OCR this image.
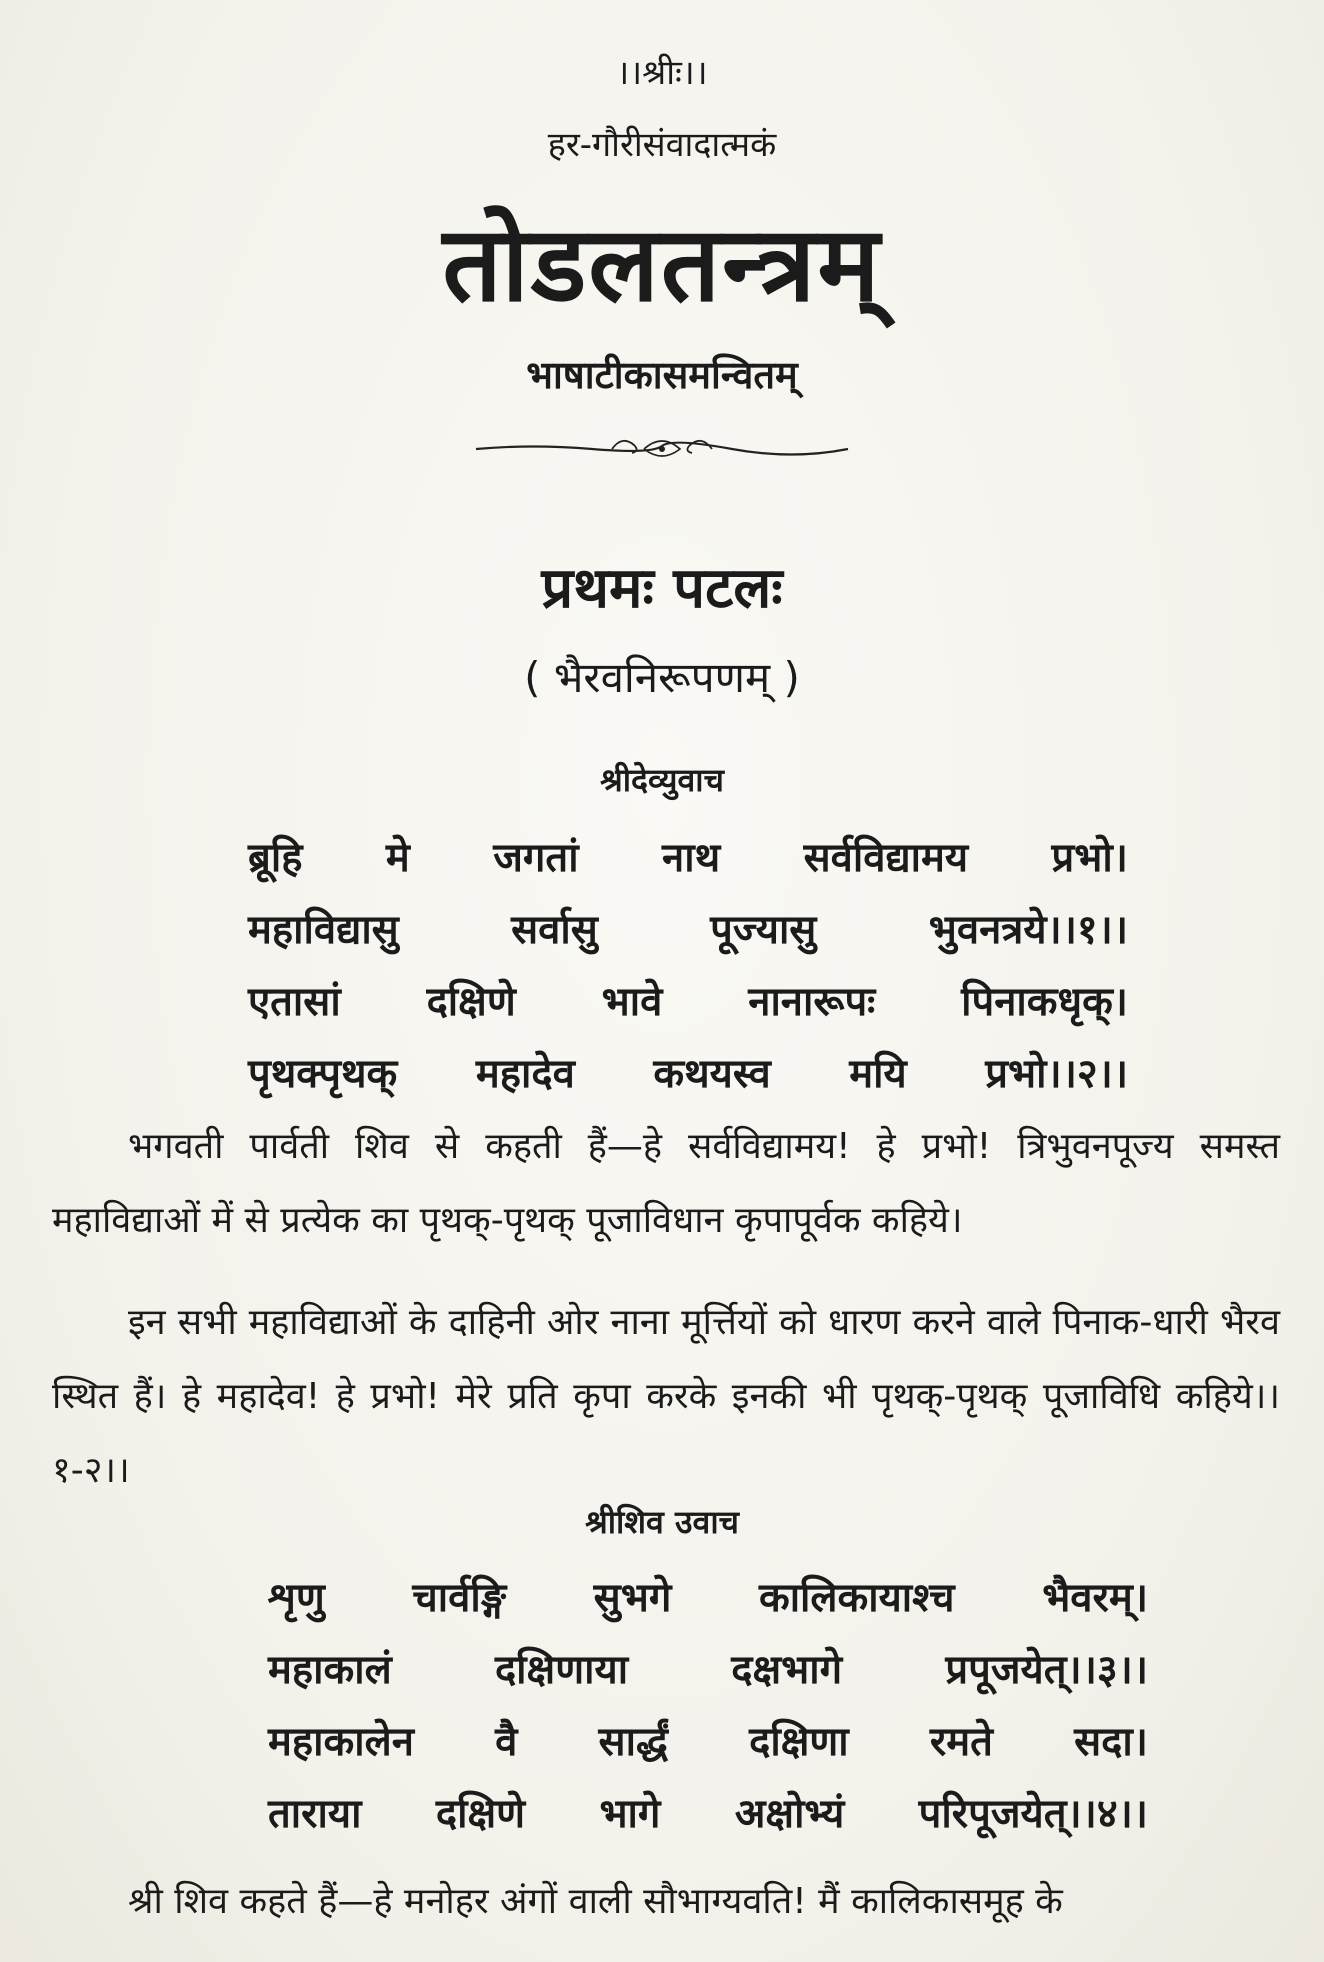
।।श्रीः।।
हर-गौरीसंवादात्मकं
तोडलतन्त्रम्
भाषाटीकासमन्वितम्
प्रथमः पटलः
( भैरवनिरूपणम् )
श्रीदेव्युवाच
ब्रूहि मे जगतां नाथ सर्वविद्यामय प्रभो।
महाविद्यासु	सर्वासु	पूज्यासु	भुवनत्रये।।१।।
एतासां दक्षिणे भावे नानारूपः पिनाकधृक्।
पृथक्पृथक् महादेव कथयस्व मयि प्रभो।।२।।

भगवती पार्वती शिव से कहती हैं—हे सर्वविद्यामय! हे प्रभो! त्रिभुवनपूज्य समस्त महाविद्याओं में से प्रत्येक का पृथक्-पृथक् पूजाविधान कृपापूर्वक कहिये।

इन सभी महाविद्याओं के दाहिनी ओर नाना मूर्त्तियों को धारण करने वाले पिनाक-धारी भैरव स्थित हैं। हे महादेव! हे प्रभो! मेरे प्रति कृपा करके इनकी भी पृथक्-पृथक् पूजाविधि कहिये।।१-२।।

श्रीशिव उवाच
शृणु चार्वङ्गि सुभगे कालिकायाश्च भैवरम्।
महाकालं	दक्षिणाया	दक्षभागे	प्रपूजयेत्।।३।।
महाकालेन वै सार्द्धं दक्षिणा रमते सदा।
ताराया दक्षिणे भागे अक्षोभ्यं परिपूजयेत्।।४।।

श्री शिव कहते हैं—हे मनोहर अंगों वाली सौभाग्यवति! मैं कालिकासमूह के
